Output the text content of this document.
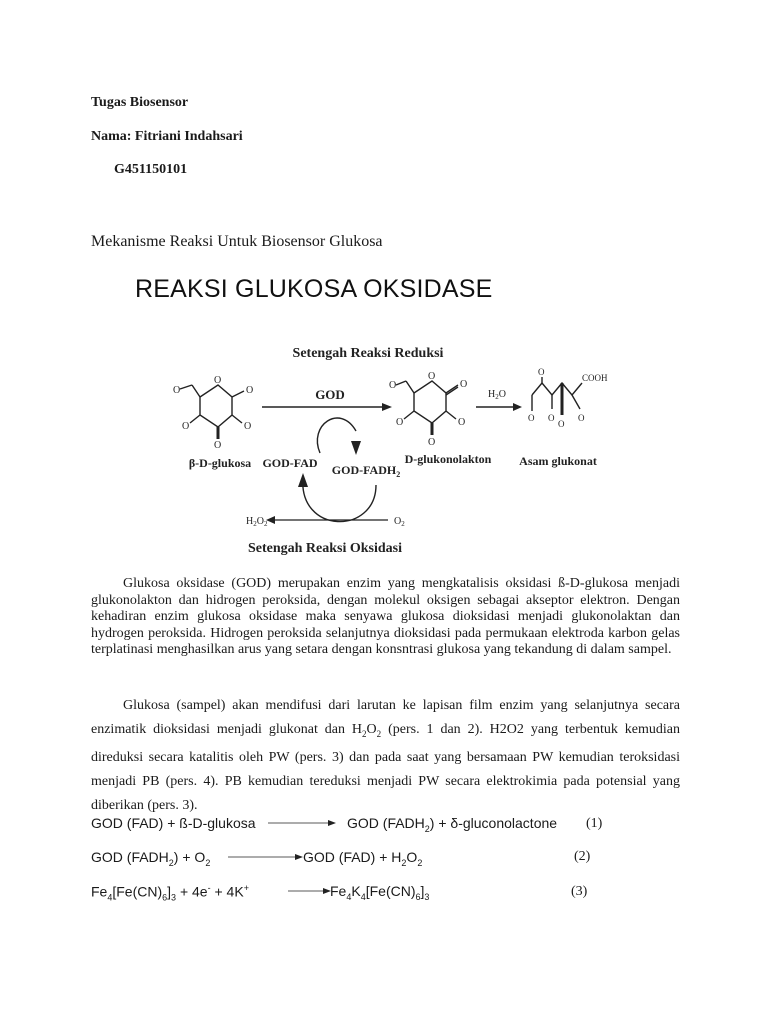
Tugas Biosensor
Nama: Fitriani Indahsari
G451150101
Mekanisme Reaksi Untuk Biosensor Glukosa
REAKSI GLUKOSA OKSIDASE
Setengah Reaksi Reduksi
O
O
O
O
O
O	GOD
O
O
O
O
O
O
$H_2O$
O
O
O
O
O
COOH
β-D-glukosa GOD-FAD GOD-$FADH_2$
D-glukonolakton Asam glukonat
$H_2O_2$	$O_2$
Setengah Reaksi Oksidasi

Glukosa oksidase (GOD) merupakan enzim yang mengkatalisis oksidasi ß-D-glukosa menjadi glukonolakton dan hidrogen peroksida, dengan molekul oksigen sebagai akseptor elektron. Dengan kehadiran enzim glukosa oksidase maka senyawa glukosa dioksidasi menjadi glukonolaktan dan hydrogen peroksida. Hidrogen peroksida selanjutnya dioksidasi pada permukaan elektroda karbon gelas terplatinasi menghasilkan arus yang setara dengan konsntrasi glukosa yang tekandung di dalam sampel.

Glukosa (sampel) akan mendifusi dari larutan ke lapisan film enzim yang selanjutnya secara enzimatik dioksidasi menjadi glukonat dan $H_2O_2$ (pers. 1 dan 2). H2O2 yang terbentuk kemudian direduksi secara katalitis oleh PW (pers. 3) dan pada saat yang bersamaan PW kemudian teroksidasi menjadi PB (pers. 4). PB kemudian tereduksi menjadi PW secara elektrokimia pada potensial yang diberikan (pers. 3).

GOD (FAD) + ß-D-glukosa	GOD $(FADH_2)$ + δ-gluconolactone (1)
GOD $(FADH_2) + O_2$	GOD $(FAD) + H_2O_2$	(2)
$Fe_4[Fe(CN)_6]_3 + 4e^- + 4K^+$	$Fe_4K_4[Fe(CN)_6]_3$	(3)
